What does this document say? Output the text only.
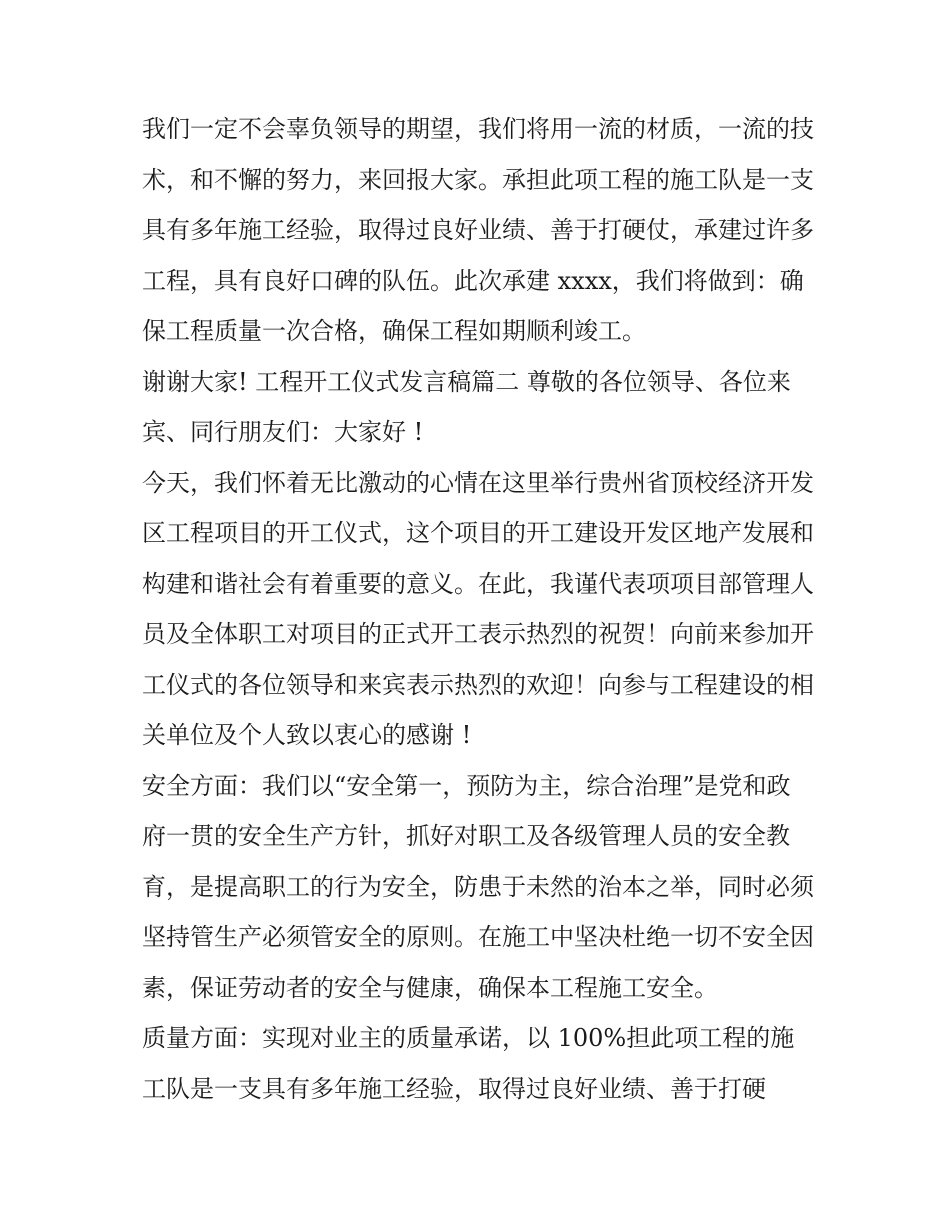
我们一定不会辜负领导的期望，我们将用一流的材质，一流的技术，和不懈的努力，来回报大家。承担此项工程的施工队是一支具有多年施工经验，取得过良好业绩、善于打硬仗，承建过许多工程，具有良好口碑的队伍。此次承建 xxxx，我们将做到：确保工程质量一次合格，确保工程如期顺利竣工。

谢谢大家! 工程开工仪式发言稿篇二 尊敬的各位领导、各位来宾、同行朋友们：大家好 !

今天，我们怀着无比激动的心情在这里举行贵州省顶校经济开发区工程项目的开工仪式，这个项目的开工建设开发区地产发展和构建和谐社会有着重要的意义。在此，我谨代表项项目部管理人员及全体职工对项目的正式开工表示热烈的祝贺！向前来参加开工仪式的各位领导和来宾表示热烈的欢迎！向参与工程建设的相关单位及个人致以衷心的感谢 !

安全方面：我们以“安全第一，预防为主，综合治理”是党和政府一贯的安全生产方针，抓好对职工及各级管理人员的安全教育，是提高职工的行为安全，防患于未然的治本之举，同时必须坚持管生产必须管安全的原则。在施工中坚决杜绝一切不安全因素，保证劳动者的安全与健康，确保本工程施工安全。

质量方面：实现对业主的质量承诺，以 100%担此项工程的施工队是一支具有多年施工经验，取得过良好业绩、善于打硬
